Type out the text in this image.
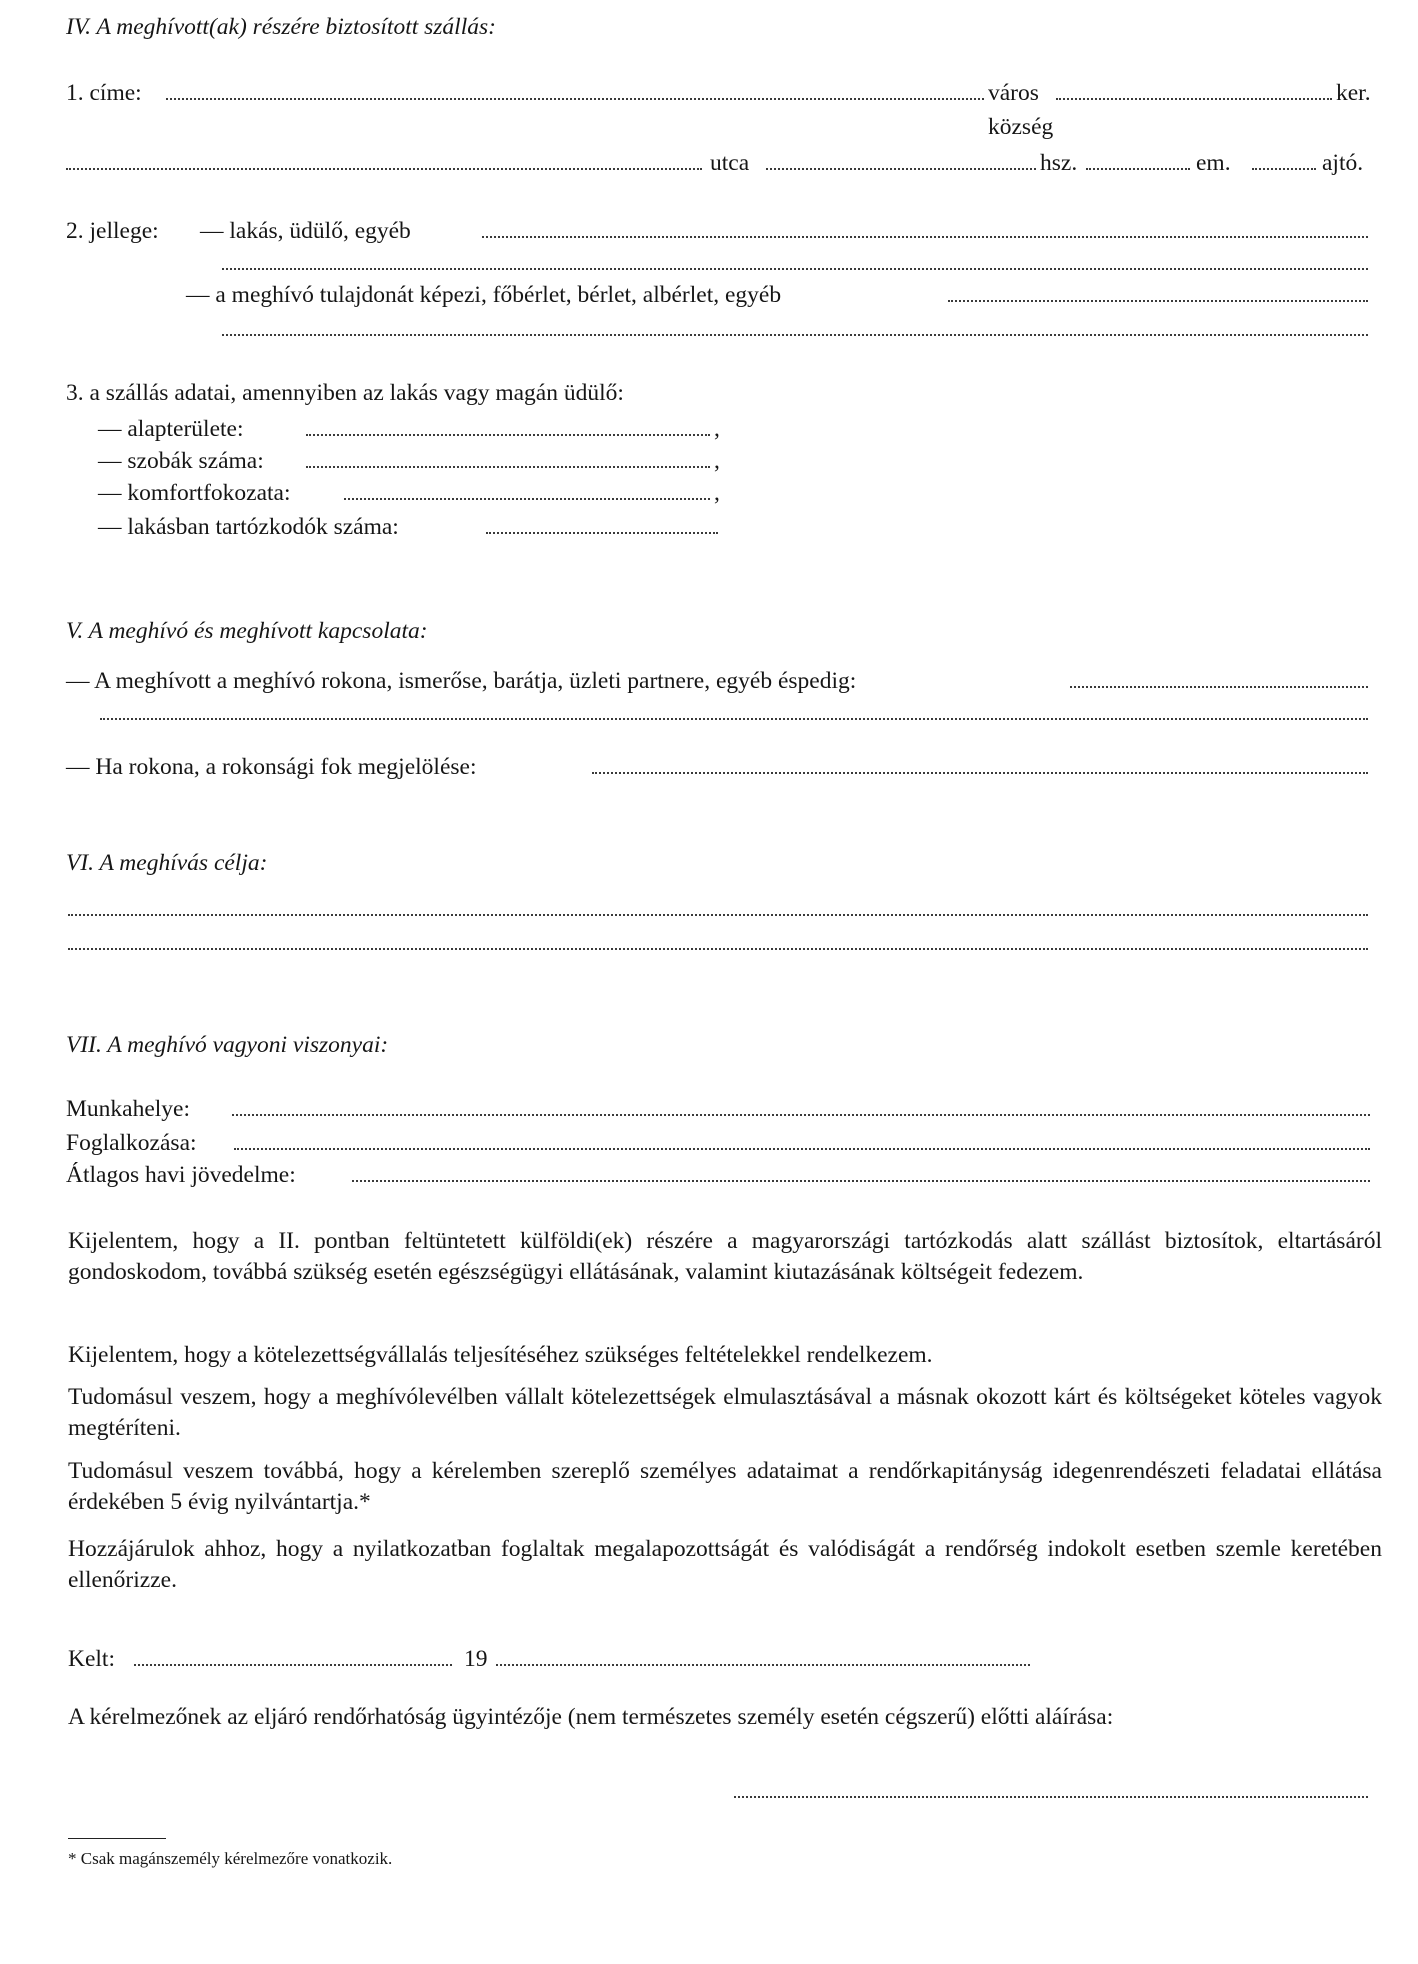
IV. A meghívott(ak) részére biztosított szállás:
1. címe:	város	ker.
község
utca	hsz.	em.	ajtó.
2. jellege: — lakás, üdülő, egyéb
— a meghívó tulajdonát képezi, főbérlet, bérlet, albérlet, egyéb
3. a szállás adatai, amennyiben az lakás vagy magán üdülő:
— alapterülete:	,
— szobák száma:	,
— komfortfokozata:	,
— lakásban tartózkodók száma:
V. A meghívó és meghívott kapcsolata:
— A meghívott a meghívó rokona, ismerőse, barátja, üzleti partnere, egyéb éspedig:
— Ha rokona, a rokonsági fok megjelölése:
VI. A meghívás célja:
VII. A meghívó vagyoni viszonyai:
Munkahelye:
Foglalkozása:
Átlagos havi jövedelme:
Kijelentem, hogy a II. pontban feltüntetett külföldi(ek) részére a magyarországi tartózkodás alatt szállást biztosítok, eltartásáról gondoskodom, továbbá szükség esetén egészségügyi ellátásának, valamint kiutazásának költségeit fedezem.
Kijelentem, hogy a kötelezettségvállalás teljesítéséhez szükséges feltételekkel rendelkezem.
Tudomásul veszem, hogy a meghívólevélben vállalt kötelezettségek elmulasztásával a másnak okozott kárt és költségeket köteles vagyok megtéríteni.
Tudomásul veszem továbbá, hogy a kérelemben szereplő személyes adataimat a rendőrkapitányság idegenrendészeti feladatai ellátása érdekében 5 évig nyilvántartja.*
Hozzájárulok ahhoz, hogy a nyilatkozatban foglaltak megalapozottságát és valódiságát a rendőrség indokolt esetben szemle keretében ellenőrizze.
Kelt:	19
A kérelmezőnek az eljáró rendőrhatóság ügyintézője (nem természetes személy esetén cégszerű) előtti aláírása:
* Csak magánszemély kérelmezőre vonatkozik.
